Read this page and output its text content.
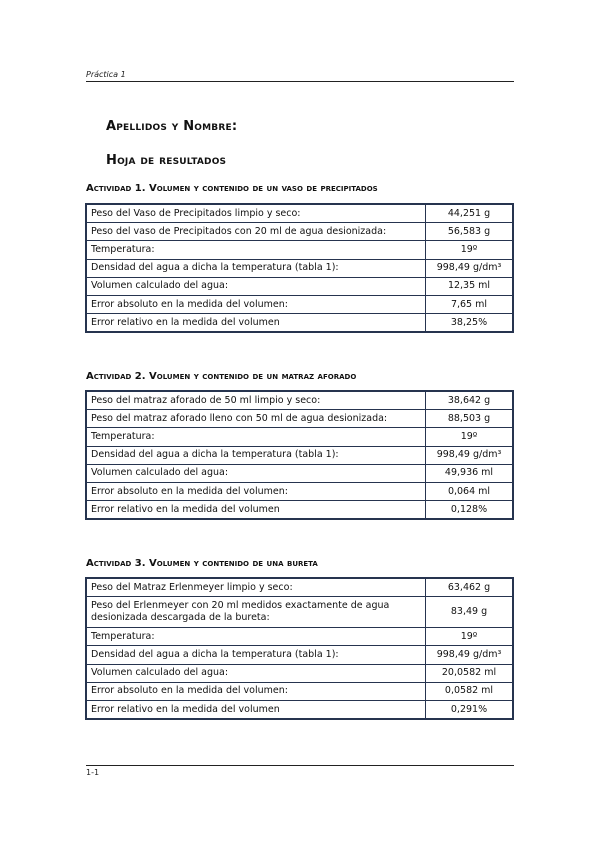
Práctica 1
Apellidos y Nombre:
Hoja de resultados
Actividad 1. Volumen y contenido de un vaso de precipitados
Peso del Vaso de Precipitados limpio y seco:	44,251 g
Peso del vaso de Precipitados con 20 ml de agua desionizada:	56,583 g
Temperatura:	19º
Densidad del agua a dicha la temperatura (tabla 1):	998,49 g/dm³
Volumen calculado del agua:	12,35 ml
Error absoluto en la medida del volumen:	7,65 ml
Error relativo en la medida del volumen	38,25%
Actividad 2. Volumen y contenido de un matraz aforado
Peso del matraz aforado de 50 ml limpio y seco:	38,642 g
Peso del matraz aforado lleno con 50 ml de agua desionizada:	88,503 g
Temperatura:	19º
Densidad del agua a dicha la temperatura (tabla 1):	998,49 g/dm³
Volumen calculado del agua:	49,936 ml
Error absoluto en la medida del volumen:	0,064 ml
Error relativo en la medida del volumen	0,128%
Actividad 3. Volumen y contenido de una bureta
Peso del Matraz Erlenmeyer limpio y seco:	63,462 g
Peso del Erlenmeyer con 20 ml medidos exactamente de agua desionizada descargada de la bureta:	83,49 g
Temperatura:	19º
Densidad del agua a dicha la temperatura (tabla 1):	998,49 g/dm³
Volumen calculado del agua:	20,0582 ml
Error absoluto en la medida del volumen:	0,0582 ml
Error relativo en la medida del volumen	0,291%
1-1
